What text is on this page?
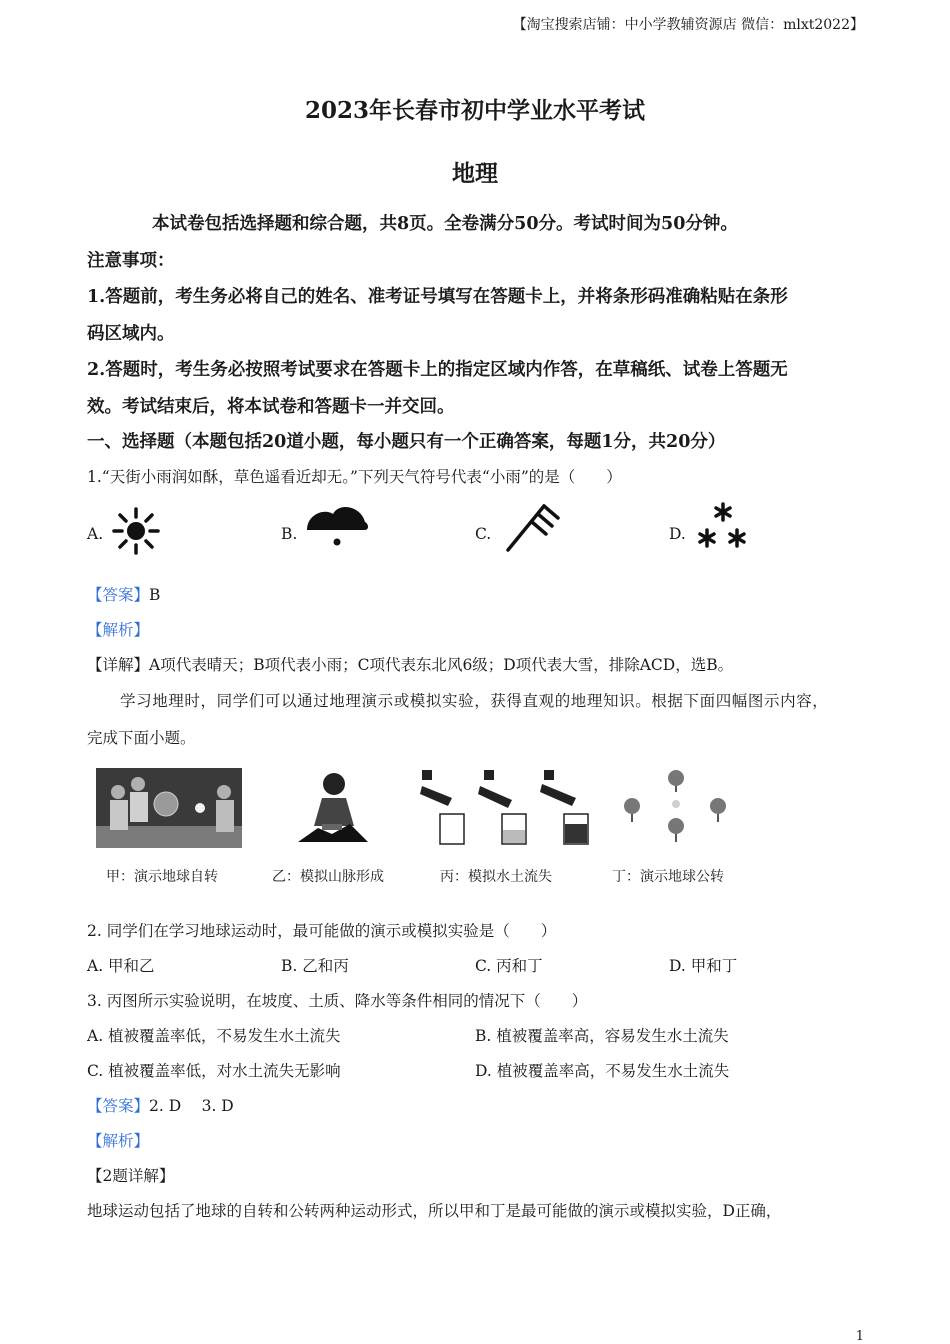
【淘宝搜索店铺：中小学教辅资源店 微信：mlxt2022】
2023年长春市初中学业水平考试
地理
本试卷包括选择题和综合题，共8页。全卷满分50分。考试时间为50分钟。
注意事项：
1.答题前，考生务必将自己的姓名、准考证号填写在答题卡上，并将条形码准确粘贴在条形
码区域内。
2.答题时，考生务必按照考试要求在答题卡上的指定区域内作答，在草稿纸、试卷上答题无
效。考试结束后，将本试卷和答题卡一并交回。
一、选择题（本题包括20道小题，每小题只有一个正确答案，每题1分，共20分）
1.“天街小雨润如酥，草色遥看近却无。”下列天气符号代表“小雨”的是（　　）
A.	B.	C.	D.
【答案】B
【解析】
【详解】A项代表晴天；B项代表小雨；C项代表东北风6级；D项代表大雪，排除ACD，选B。
学习地理时，同学们可以通过地理演示或模拟实验，获得直观的地理知识。根据下面四幅图示内容，
完成下面小题。
甲：演示地球自转	乙：模拟山脉形成	丙：模拟水土流失	丁：演示地球公转
2. 同学们在学习地球运动时，最可能做的演示或模拟实验是（　　）
A. 甲和乙	B. 乙和丙	C. 丙和丁	D. 甲和丁
3. 丙图所示实验说明，在坡度、土质、降水等条件相同的情况下（　　）
A. 植被覆盖率低，不易发生水土流失	B. 植被覆盖率高，容易发生水土流失
C. 植被覆盖率低，对水土流失无影响	D. 植被覆盖率高，不易发生水土流失
【答案】2. D　 3. D
【解析】
【2题详解】
地球运动包括了地球的自转和公转两种运动形式，所以甲和丁是最可能做的演示或模拟实验，D正确，
1
